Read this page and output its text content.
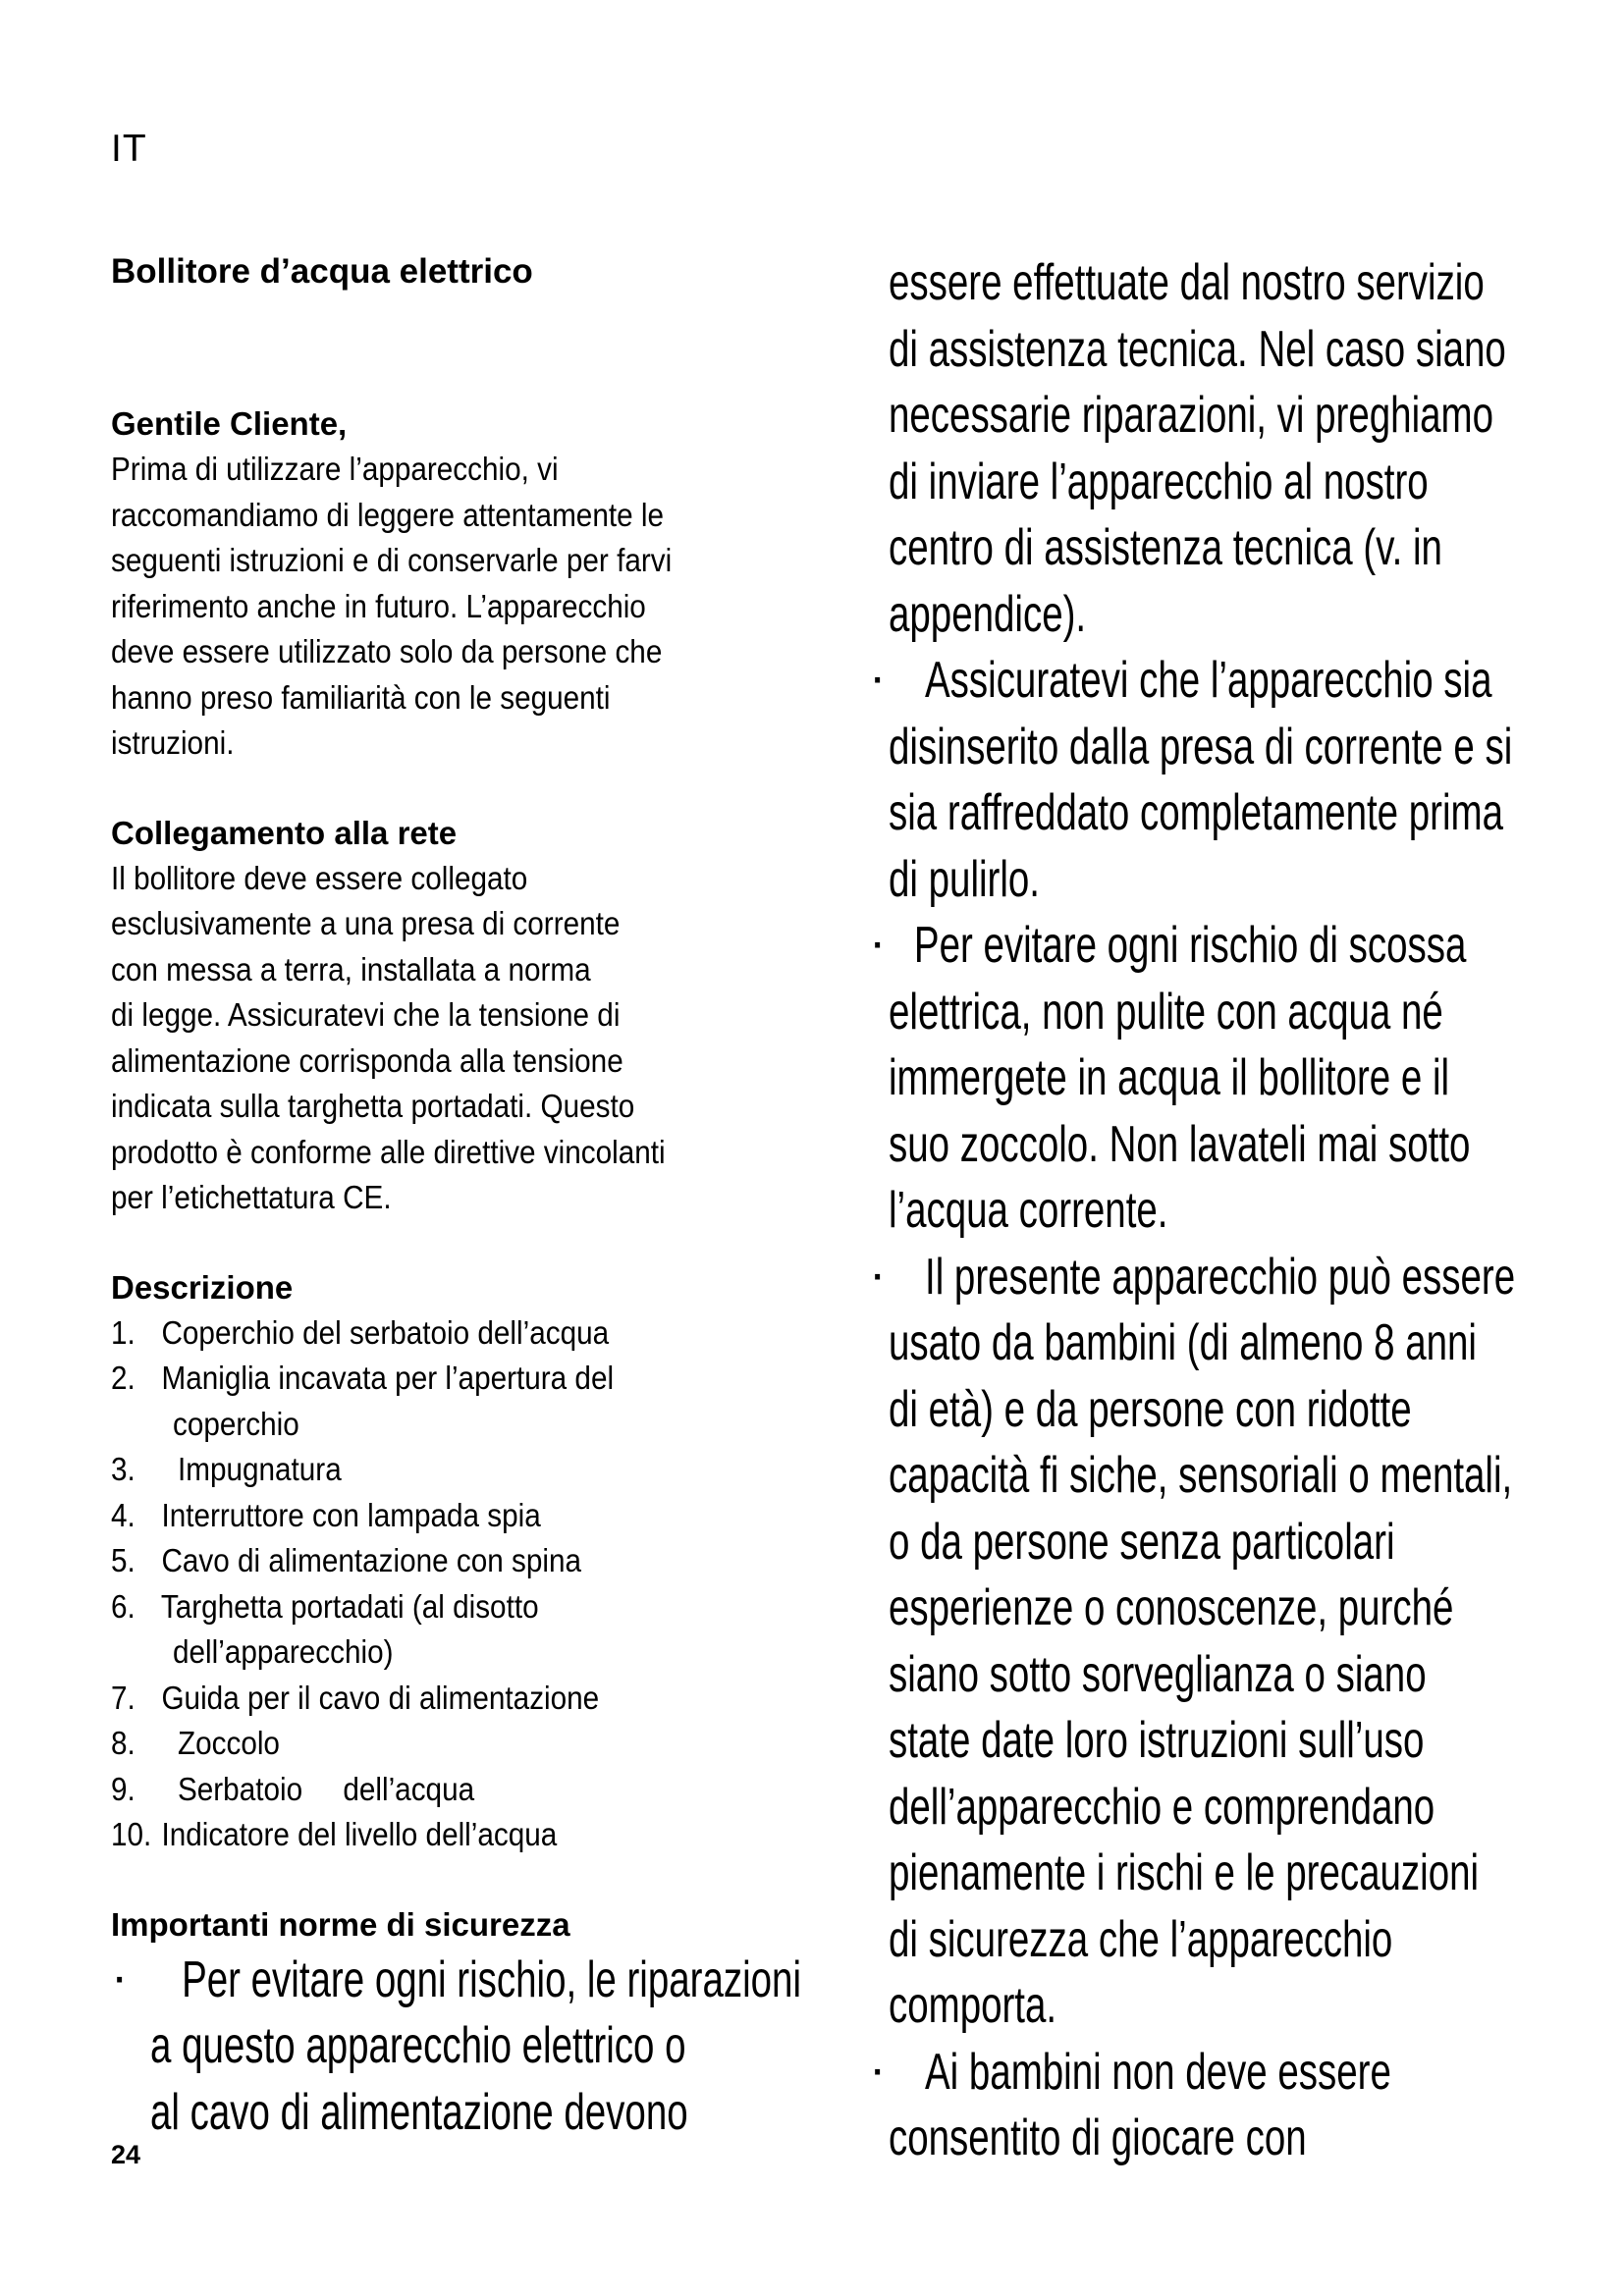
IT
Bollitore d’acqua elettrico
Gentile Cliente,
Prima di utilizzare l’apparecchio, vi
raccomandiamo di leggere attentamente le
seguenti istruzioni e di conservarle per farvi
riferimento anche in futuro. L’apparecchio
deve essere utilizzato solo da persone che
hanno preso familiarità con le seguenti
istruzioni.
Collegamento alla rete
Il bollitore deve essere collegato
esclusivamente a una presa di corrente
con messa a terra, installata a norma
di legge. Assicuratevi che la tensione di
alimentazione corrisponda alla tensione
indicata sulla targhetta portadati. Questo
prodotto è conforme alle direttive vincolanti
per l’etichettatura CE.
Descrizione
1. Coperchio del serbatoio dell’acqua
2. Maniglia incavata per l’apertura del
coperchio
3.   Impugnatura
4. Interruttore con lampada spia
5. Cavo di alimentazione con spina
6. Targhetta portadati (al disotto
dell’apparecchio)
7. Guida per il cavo di alimentazione
8.   Zoccolo
9.   Serbatoio     dell’acqua
10. Indicatore del livello dell’acqua
Importanti norme di sicurezza
· Per evitare ogni rischio, le riparazioni
a questo apparecchio elettrico o
al cavo di alimentazione devono
essere effettuate dal nostro servizio
di assistenza tecnica. Nel caso siano
necessarie riparazioni, vi preghiamo
di inviare l’apparecchio al nostro
centro di assistenza tecnica (v. in
appendice).
· Assicuratevi che l’apparecchio sia
disinserito dalla presa di corrente e si
sia raffreddato completamente prima
di pulirlo.
· Per evitare ogni rischio di scossa
elettrica, non pulite con acqua né
immergete in acqua il bollitore e il
suo zoccolo. Non lavateli mai sotto
l’acqua corrente.
· Il presente apparecchio può essere
usato da bambini (di almeno 8 anni
di età) e da persone con ridotte
capacità fi siche, sensoriali o mentali,
o da persone senza particolari
esperienze o conoscenze, purché
siano sotto sorveglianza o siano
state date loro istruzioni sull’uso
dell’apparecchio e comprendano
pienamente i rischi e le precauzioni
di sicurezza che l’apparecchio
comporta.
· Ai bambini non deve essere
consentito di giocare con
24
